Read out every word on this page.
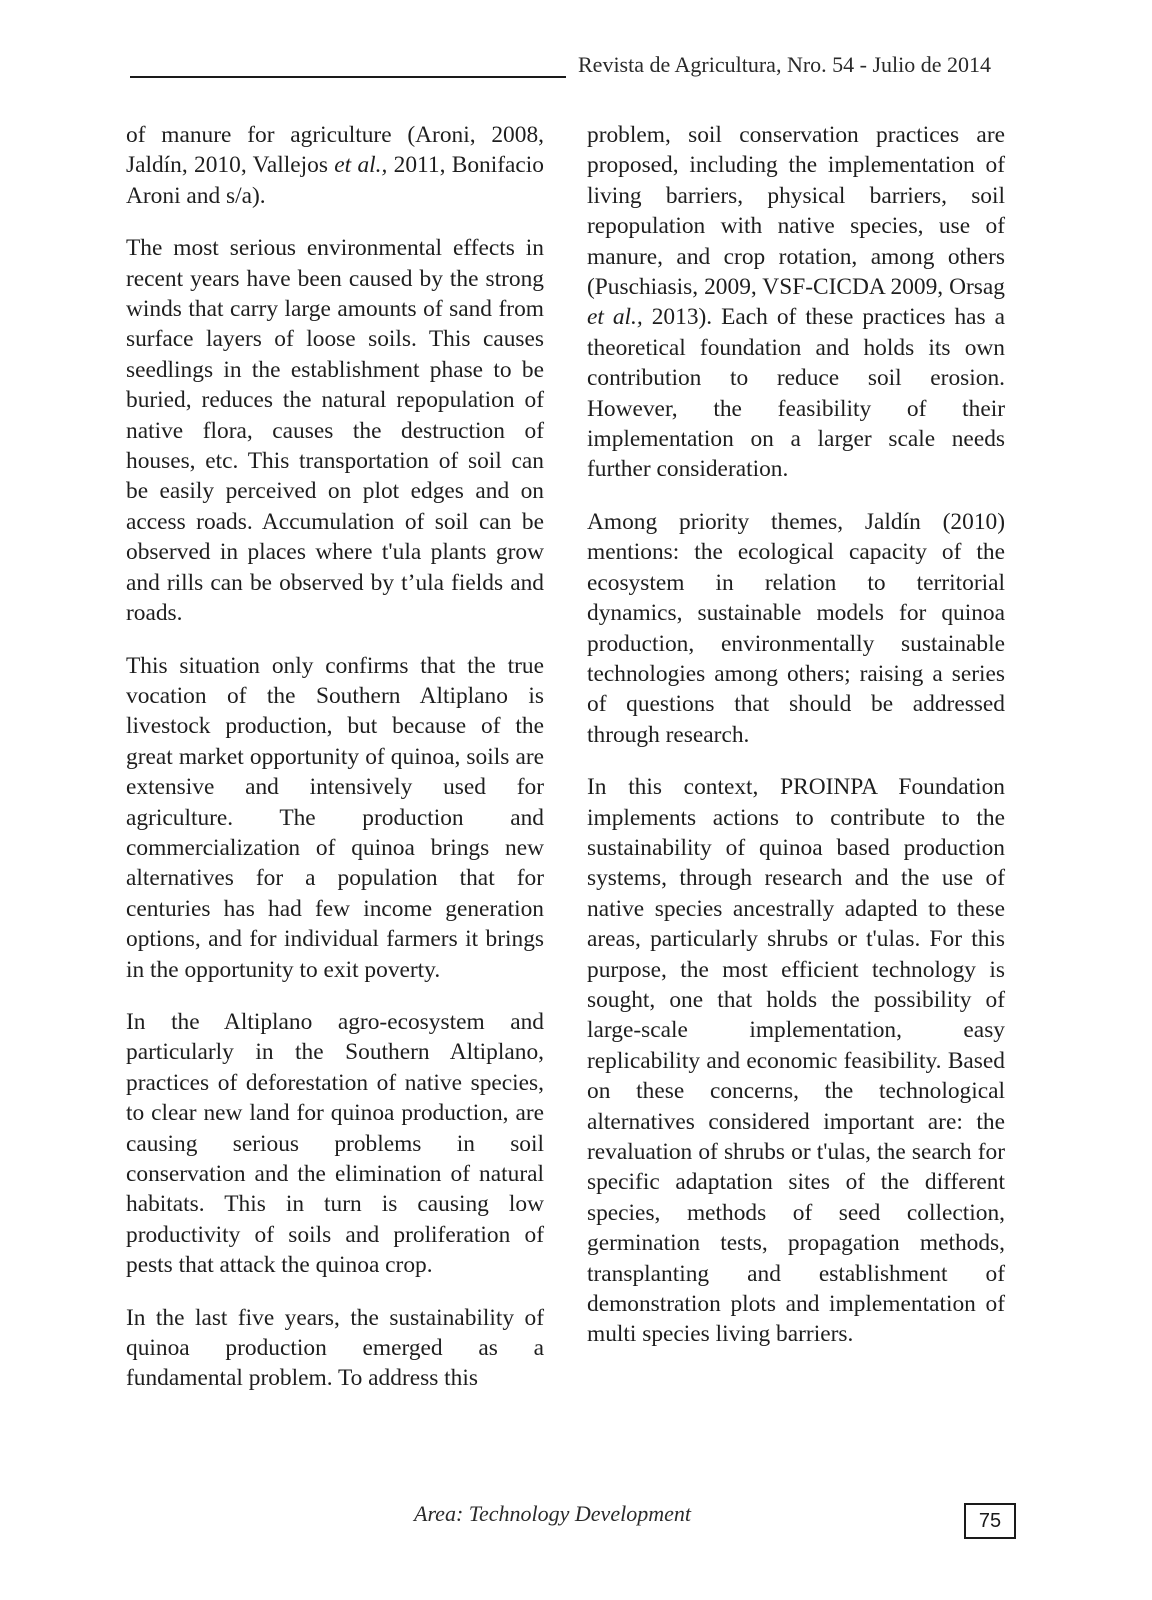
Revista de Agricultura, Nro. 54 - Julio de 2014

of manure for agriculture (Aroni, 2008, Jaldín, 2010, Vallejos et al., 2011, Bonifacio Aroni and s/a).

The most serious environmental effects in recent years have been caused by the strong winds that carry large amounts of sand from surface layers of loose soils. This causes seedlings in the establishment phase to be buried, reduces the natural repopulation of native flora, causes the destruction of houses, etc. This transportation of soil can be easily perceived on plot edges and on access roads. Accumulation of soil can be observed in places where t'ula plants grow and rills can be observed by t’ula fields and roads.

This situation only confirms that the true vocation of the Southern Altiplano is livestock production, but because of the great market opportunity of quinoa, soils are extensive and intensively used for agriculture. The production and commercialization of quinoa brings new alternatives for a population that for centuries has had few income generation options, and for individual farmers it brings in the opportunity to exit poverty.

In the Altiplano agro-ecosystem and particularly in the Southern Altiplano, practices of deforestation of native species, to clear new land for quinoa production, are causing serious problems in soil conservation and the elimination of natural habitats. This in turn is causing low productivity of soils and proliferation of pests that attack the quinoa crop.

In the last five years, the sustainability of quinoa production emerged as a fundamental problem. To address this

problem, soil conservation practices are proposed, including the implementation of living barriers, physical barriers, soil repopulation with native species, use of manure, and crop rotation, among others (Puschiasis, 2009, VSF-CICDA 2009, Orsag et al., 2013). Each of these practices has a theoretical foundation and holds its own contribution to reduce soil erosion. However, the feasibility of their implementation on a larger scale needs further consideration.

Among priority themes, Jaldín (2010) mentions: the ecological capacity of the ecosystem in relation to territorial dynamics, sustainable models for quinoa production, environmentally sustainable technologies among others; raising a series of questions that should be addressed through research.

In this context, PROINPA Foundation implements actions to contribute to the sustainability of quinoa based production systems, through research and the use of native species ancestrally adapted to these areas, particularly shrubs or t'ulas. For this purpose, the most efficient technology is sought, one that holds the possibility of large-scale implementation, easy replicability and economic feasibility. Based on these concerns, the technological alternatives considered important are: the revaluation of shrubs or t'ulas, the search for specific adaptation sites of the different species, methods of seed collection, germination tests, propagation methods, transplanting and establishment of demonstration plots and implementation of multi species living barriers.

Area: Technology Development	75
